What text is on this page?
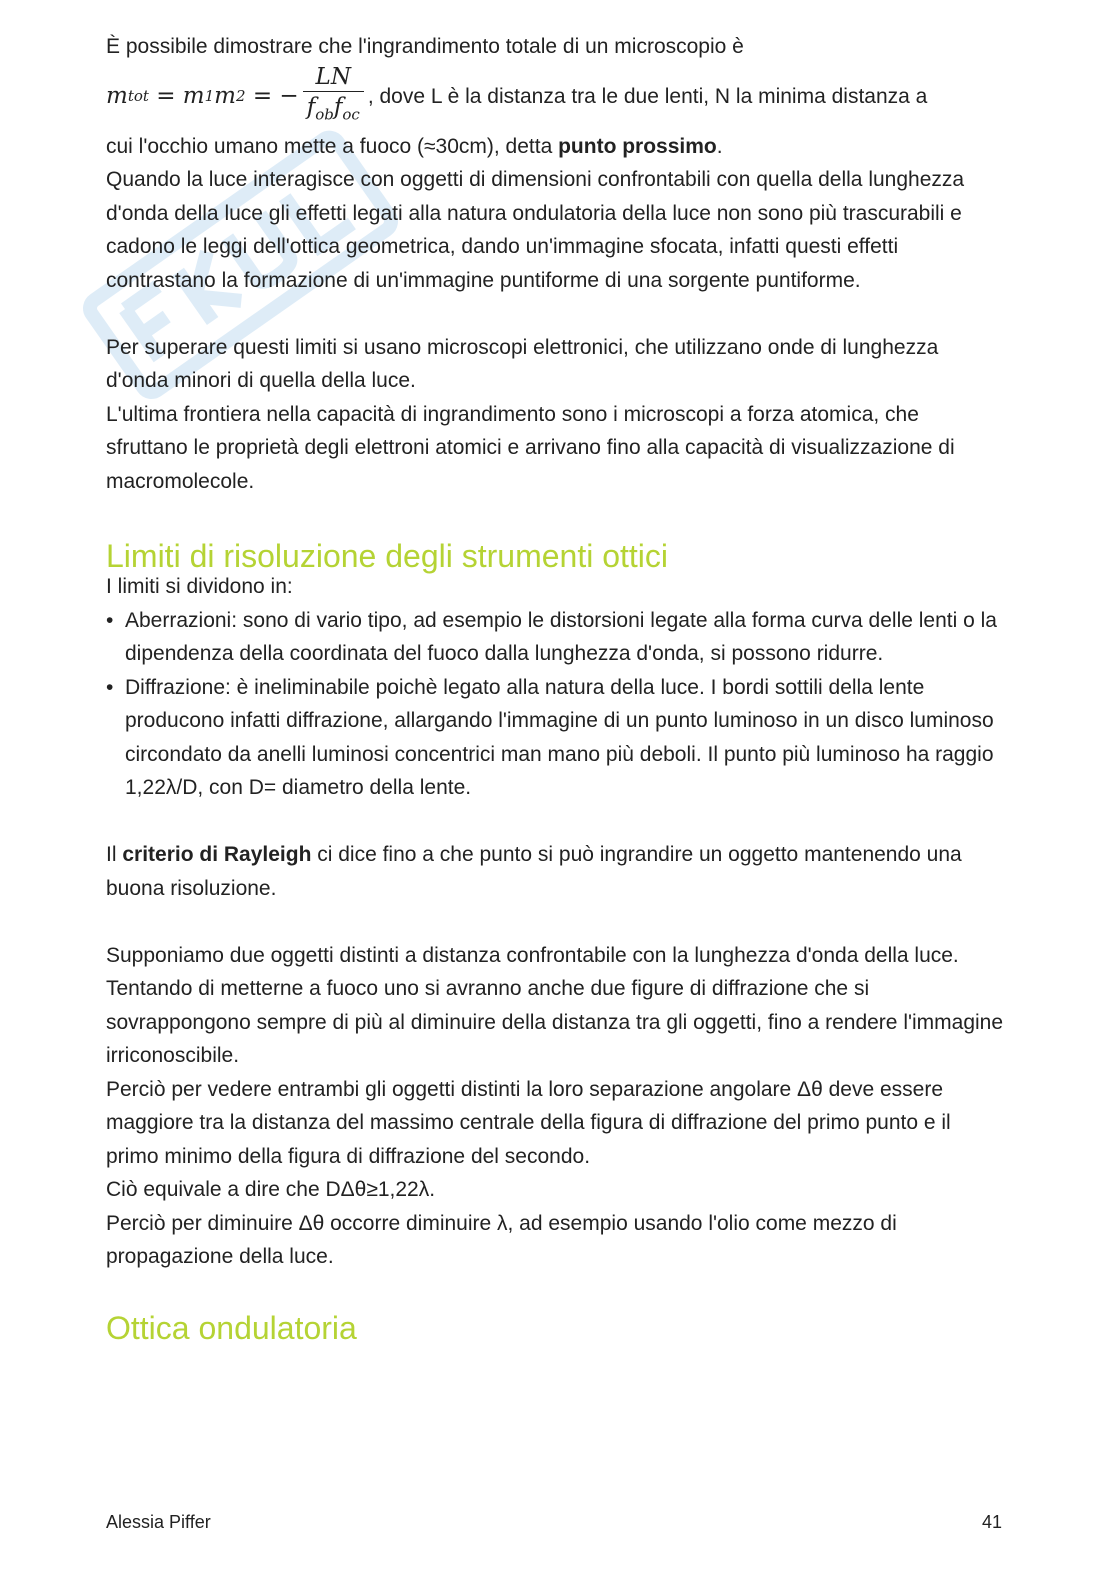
È possibile dimostrare che l'ingrandimento totale di un microscopio è

m tot
= m 1 m 2
= − $\frac{LN}{f_{ob}f_{oc}}$ , dove L è la distanza tra le due lenti, N la minima distanza a

cui l'occhio umano mette a fuoco (≈30cm), detta punto prossimo.

Quando la luce interagisce con oggetti di dimensioni confrontabili con quella della lunghezza d'onda della luce gli effetti legati alla natura ondulatoria della luce non sono più trascurabili e cadono le leggi dell'ottica geometrica, dando un'immagine sfocata, infatti questi effetti contrastano la formazione di un'immagine puntiforme di una sorgente puntiforme.

Per superare questi limiti si usano microscopi elettronici, che utilizzano onde di lunghezza d'onda minori di quella della luce.

L'ultima frontiera nella capacità di ingrandimento sono i microscopi a forza atomica, che sfruttano le proprietà degli elettroni atomici e arrivano fino alla capacità di visualizzazione di macromolecole.

Limiti di risoluzione degli strumenti ottici

I limiti si dividono in:

• Aberrazioni: sono di vario tipo, ad esempio le distorsioni legate alla forma curva delle lenti o la dipendenza della coordinata del fuoco dalla lunghezza d'onda, si possono ridurre.
• Diffrazione: è ineliminabile poichè legato alla natura della luce. I bordi sottili della lente producono infatti diffrazione, allargando l'immagine di un punto luminoso in un disco luminoso circondato da anelli luminosi concentrici man mano più deboli. Il punto più luminoso ha raggio 1,22λ/D, con D= diametro della lente.

Il criterio di Rayleigh ci dice fino a che punto si può ingrandire un oggetto mantenendo una buona risoluzione.

Supponiamo due oggetti distinti a distanza confrontabile con la lunghezza d'onda della luce.

Tentando di metterne a fuoco uno si avranno anche due figure di diffrazione che si sovrappongono sempre di più al diminuire della distanza tra gli oggetti, fino a rendere l'immagine irriconoscibile.

Perciò per vedere entrambi gli oggetti distinti la loro separazione angolare Δθ deve essere maggiore tra la distanza del massimo centrale della figura di diffrazione del primo punto e il primo minimo della figura di diffrazione del secondo.

Ciò equivale a dire che DΔθ≥1,22λ.

Perciò per diminuire Δθ occorre diminuire λ, ad esempio usando l'olio come mezzo di propagazione della luce.

Ottica ondulatoria
Alessia Piffer	41
